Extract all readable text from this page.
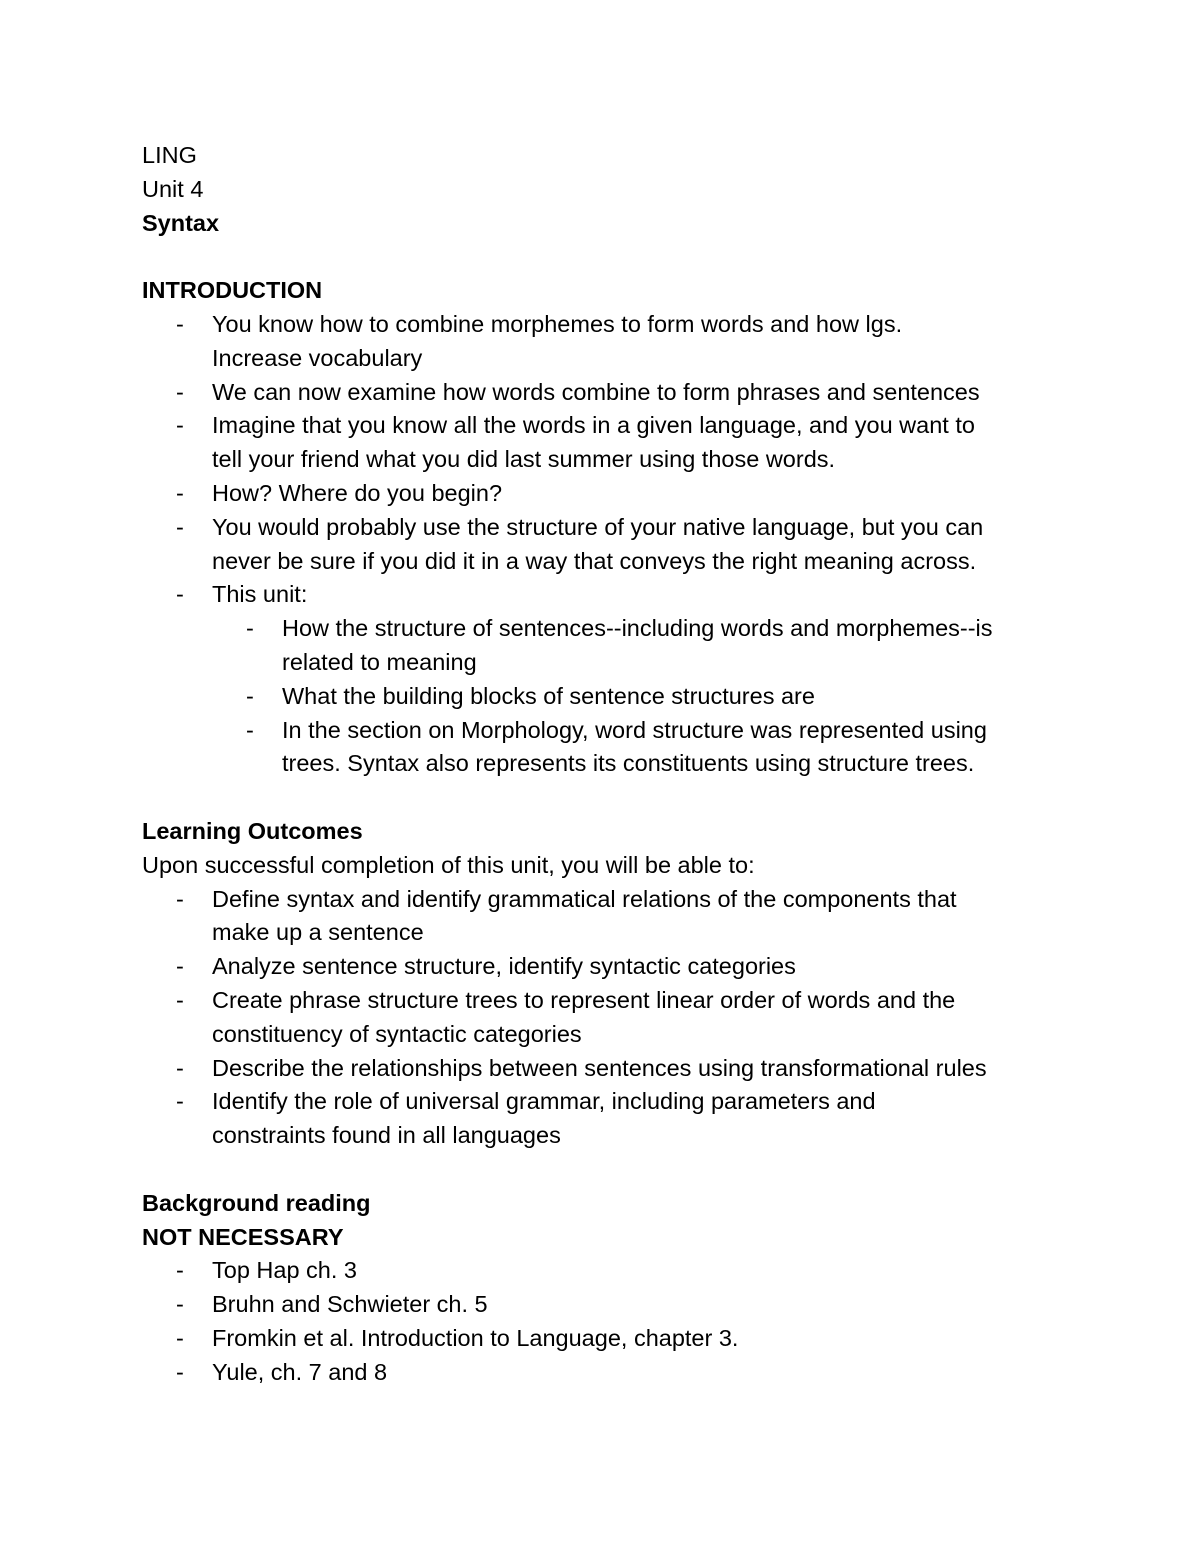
LING

Unit 4

Syntax

INTRODUCTION

- You know how to combine morphemes to form words and how lgs.
Increase vocabulary
- We can now examine how words combine to form phrases and sentences
- Imagine that you know all the words in a given language, and you want to
tell your friend what you did last summer using those words.
- How? Where do you begin?
- You would probably use the structure of your native language, but you can
never be sure if you did it in a way that conveys the right meaning across.
- This unit:
- How the structure of sentences--including words and morphemes--is
related to meaning
- What the building blocks of sentence structures are
- In the section on Morphology, word structure was represented using
trees. Syntax also represents its constituents using structure trees.

Learning Outcomes

Upon successful completion of this unit, you will be able to:

- Define syntax and identify grammatical relations of the components that
make up a sentence
- Analyze sentence structure, identify syntactic categories
- Create phrase structure trees to represent linear order of words and the
constituency of syntactic categories
- Describe the relationships between sentences using transformational rules
- Identify the role of universal grammar, including parameters and
constraints found in all languages

Background reading

NOT NECESSARY

- Top Hap ch. 3
- Bruhn and Schwieter ch. 5
- Fromkin et al. Introduction to Language, chapter 3.
- Yule, ch. 7 and 8
